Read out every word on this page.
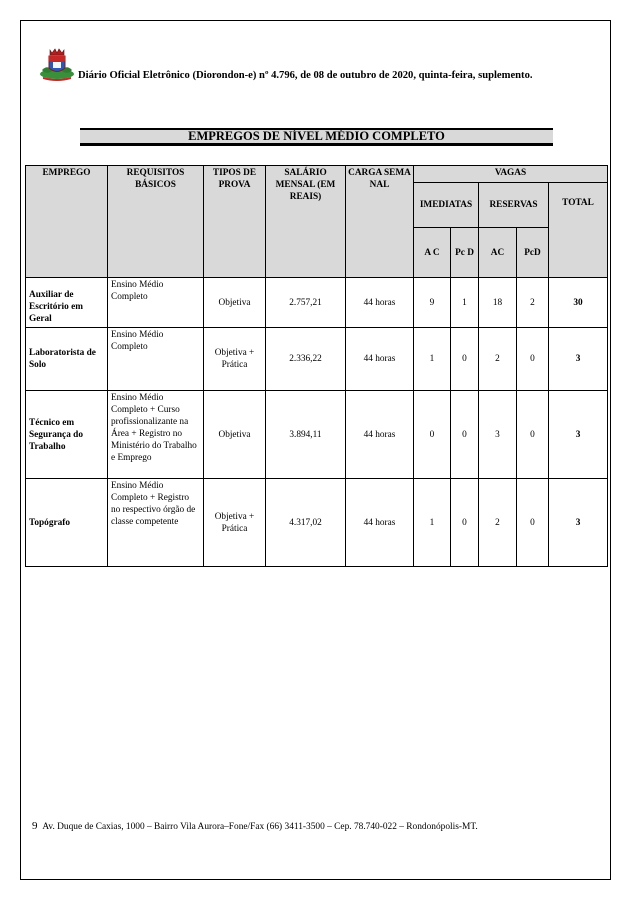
Diário Oficial Eletrônico (Diorondon-e) nº 4.796, de 08 de outubro de 2020, quinta-feira, suplemento.
EMPREGOS DE NÍVEL MÉDIO COMPLETO
EMPREGO	REQUISITOS BÁSICOS	TIPOS DE PROVA	SALÁRIO MENSAL (EM REAIS)	CARGA SEMANAL	VAGAS				
					IMEDIATAS		RESERVAS		TOTAL
					A C	Pc D	AC	PcD	
Auxiliar de Escritório em Geral	Ensino Médio Completo	Objetiva	2.757,21	44 horas	9	1	18	2	30
Laboratorista de Solo	Ensino Médio Completo	Objetiva + Prática	2.336,22	44 horas	1	0	2	0	3
Técnico em Segurança do Trabalho	Ensino Médio Completo + Curso profissionalizante na Área + Registro no Ministério do Trabalho e Emprego	Objetiva	3.894,11	44 horas	0	0	3	0	3
Topógrafo	Ensino Médio Completo + Registro no respectivo órgão de classe competente	Objetiva + Prática	4.317,02	44 horas	1	0	2	0	3
9 Av. Duque de Caxias, 1000 – Bairro Vila Aurora–Fone/Fax (66) 3411-3500 – Cep. 78.740-022 – Rondonópolis-MT.
